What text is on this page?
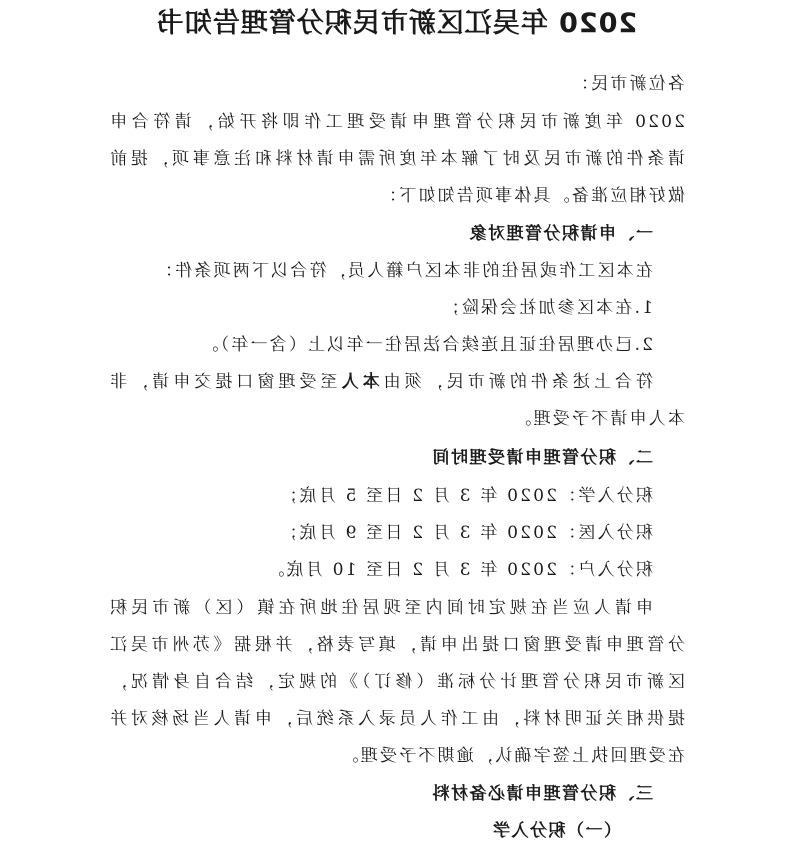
2020 年吴江区新市民积分管理告知书

各位新市民：

2020 年度新市民积分管理申请受理工作即将开始，请符合申

请条件的新市民及时了解本年度所需申请材料和注意事项，提前

做好相应准备。具体事项告知如下：

一、申请积分管理对象

在本区工作或居住的非本区户籍人员，符合以下两项条件：

1.在本区参加社会保险；

2.已办理居住证且连续合法居住一年以上（含一年）。

符合上述条件的新市民，须由本人至受理窗口提交申请，非

本人申请不予受理。

二、积分管理申请受理时间

积分入学：2020 年 3 月 2 日至 5 月底；

积分入医：2020 年 3 月 2 日至 9 月底；

积分入户：2020 年 3 月 2 日至 10 月底。

申请人应当在规定时间内至现居住地所在镇（区）新市民积

分管理申请受理窗口提出申请，填写表格，并根据《苏州市吴江

区新市民积分管理计分标准（修订）》的规定，结合自身情况，

提供相关证明材料，由工作人员录入系统后，申请人当场核对并

在受理回执上签字确认，逾期不予受理。

三、积分管理申请必备材料

（一）积分入学
